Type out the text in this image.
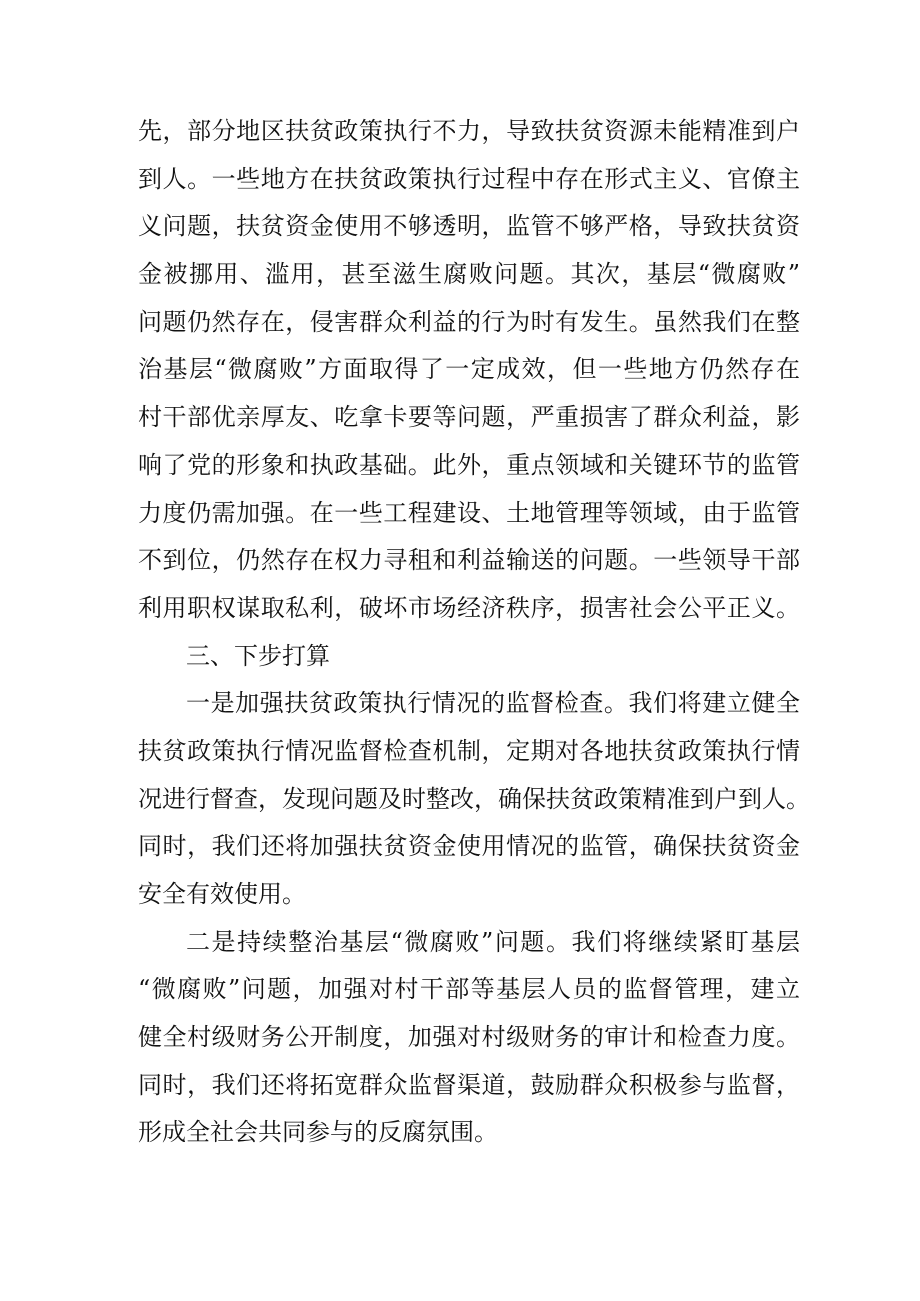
先，部分地区扶贫政策执行不力，导致扶贫资源未能精准到户
到人。一些地方在扶贫政策执行过程中存在形式主义、官僚主
义问题，扶贫资金使用不够透明，监管不够严格，导致扶贫资
金被挪用、滥用，甚至滋生腐败问题。其次，基层“微腐败”
问题仍然存在，侵害群众利益的行为时有发生。虽然我们在整
治基层“微腐败”方面取得了一定成效，但一些地方仍然存在
村干部优亲厚友、吃拿卡要等问题，严重损害了群众利益，影
响了党的形象和执政基础。此外，重点领域和关键环节的监管
力度仍需加强。在一些工程建设、土地管理等领域，由于监管
不到位，仍然存在权力寻租和利益输送的问题。一些领导干部
利用职权谋取私利，破坏市场经济秩序，损害社会公平正义。
三、下步打算
一是加强扶贫政策执行情况的监督检查。我们将建立健全
扶贫政策执行情况监督检查机制，定期对各地扶贫政策执行情
况进行督查，发现问题及时整改，确保扶贫政策精准到户到人。
同时，我们还将加强扶贫资金使用情况的监管，确保扶贫资金
安全有效使用。
二是持续整治基层“微腐败”问题。我们将继续紧盯基层
“微腐败”问题，加强对村干部等基层人员的监督管理，建立
健全村级财务公开制度，加强对村级财务的审计和检查力度。
同时，我们还将拓宽群众监督渠道，鼓励群众积极参与监督，
形成全社会共同参与的反腐氛围。
